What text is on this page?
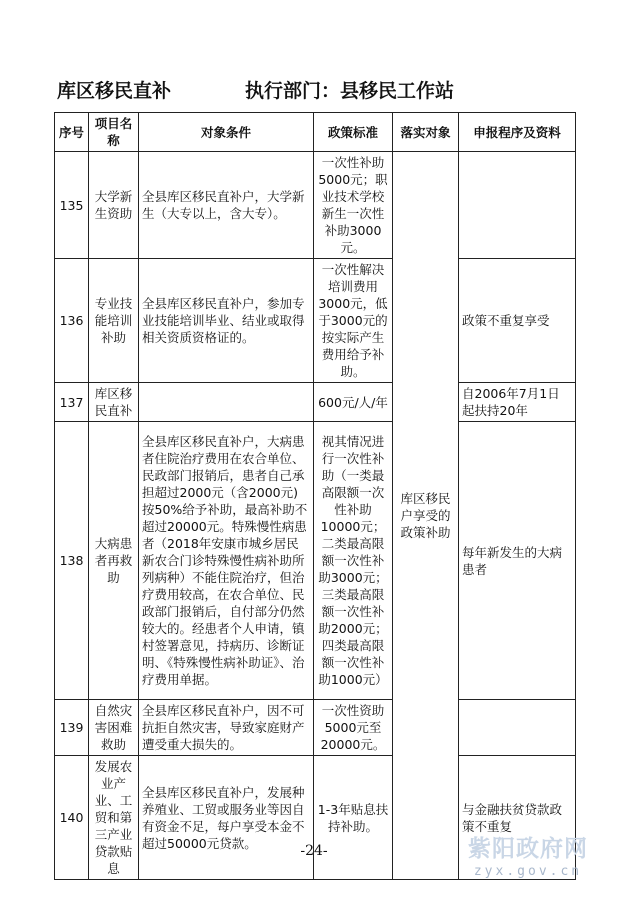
库区移民直补	执行部门：县移民工作站
序号	项目名称	对象条件	政策标准	落实对象	申报程序及资料
135	大学新生资助	全县库区移民直补户，大学新生（大专以上，含大专）。	一次性补助5000元；职业技术学校新生一次性补助3000元。	库区移民户享受的政策补助	
136	专业技能培训补助	全县库区移民直补户，参加专业技能培训毕业、结业或取得相关资质资格证的。	一次性解决培训费用3000元，低于3000元的按实际产生费用给予补助。		政策不重复享受
137	库区移民直补		600元/人/年		自2006年7月1日起扶持20年
138	大病患者再救助	全县库区移民直补户，大病患者住院治疗费用在农合单位、民政部门报销后，患者自己承担超过2000元（含2000元)按50%给予补助，最高补助不超过20000元。特殊慢性病患者（2018年安康市城乡居民新农合门诊特殊慢性病补助所列病种）不能住院治疗，但治疗费用较高，在农合单位、民政部门报销后，自付部分仍然较大的。经患者个人申请，镇村签署意见，持病历、诊断证明、《特殊慢性病补助证》、治疗费用单据。	视其情况进行一次性补助（一类最高限额一次性补助10000元；二类最高限额一次性补助3000元；三类最高限额一次性补助2000元；四类最高限额一次性补助1000元）		每年新发生的大病患者
139	自然灾害困难救助	全县库区移民直补户，因不可抗拒自然灾害，导致家庭财产遭受重大损失的。	一次性资助5000元至20000元。		
140	发展农业产业、工贸和第三产业贷款贴息	全县库区移民直补户，发展种养殖业、工贸或服务业等因自有资金不足，每户享受本金不超过50000元贷款。	1-3年贴息扶持补助。		与金融扶贫贷款政策不重复
-24-	紫阳政府网
zyx.gov.cn
